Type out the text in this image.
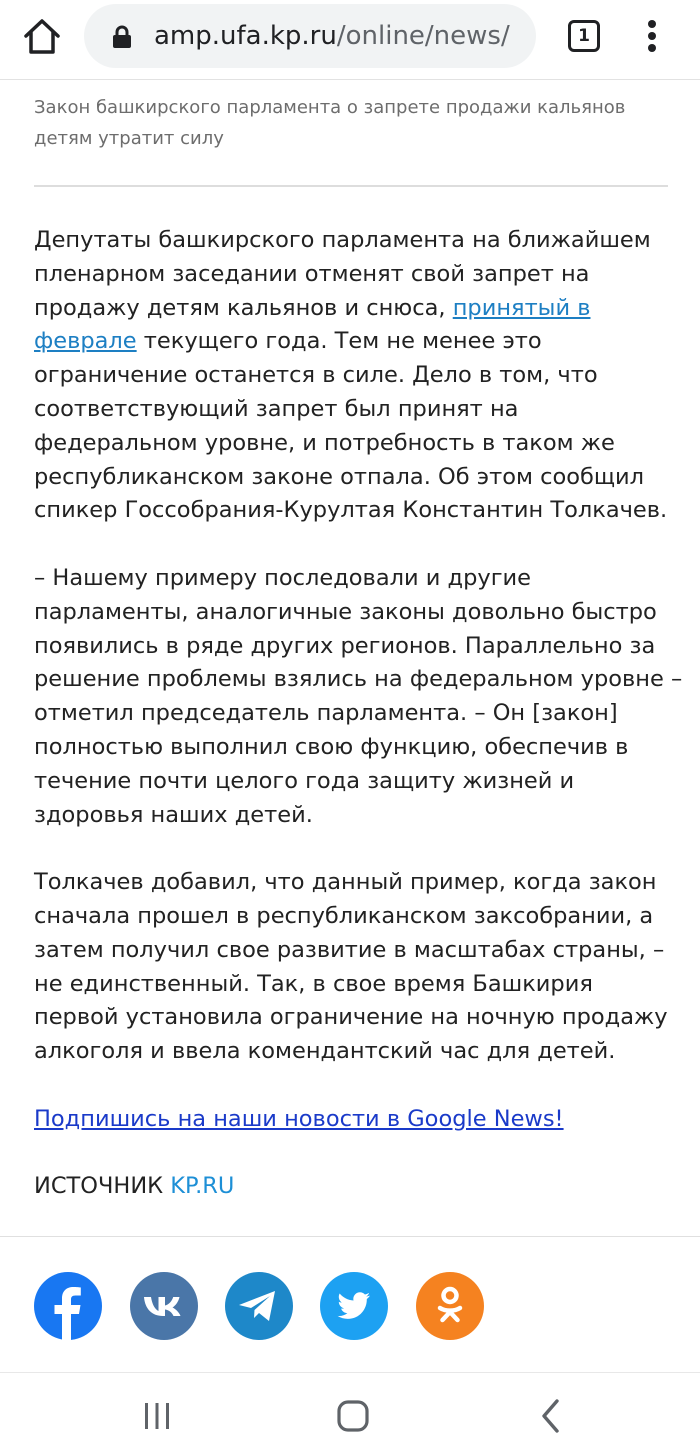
amp.ufa.kp.ru/online/news/	1
Закон башкирского парламента о запрете продажи кальянов детям утратит силу

Депутаты башкирского парламента на ближайшем пленарном заседании отменят свой запрет на продажу детям кальянов и снюса, принятый в феврале текущего года. Тем не менее это ограничение останется в силе. Дело в том, что соответствующий запрет был принят на федеральном уровне, и потребность в таком же республиканском законе отпала. Об этом сообщил спикер Госсобрания-Курултая Константин Толкачев.

– Нашему примеру последовали и другие парламенты, аналогичные законы довольно быстро появились в ряде других регионов. Параллельно за решение проблемы взялись на федеральном уровне – отметил председатель парламента. – Он [закон] полностью выполнил свою функцию, обеспечив в течение почти целого года защиту жизней и здоровья наших детей.

Толкачев добавил, что данный пример, когда закон сначала прошел в республиканском заксобрании, а затем получил свое развитие в масштабах страны, – не единственный. Так, в свое время Башкирия первой установила ограничение на ночную продажу алкоголя и ввела комендантский час для детей.

Подпишись на наши новости в Google News!

ИСТОЧНИК KP.RU
